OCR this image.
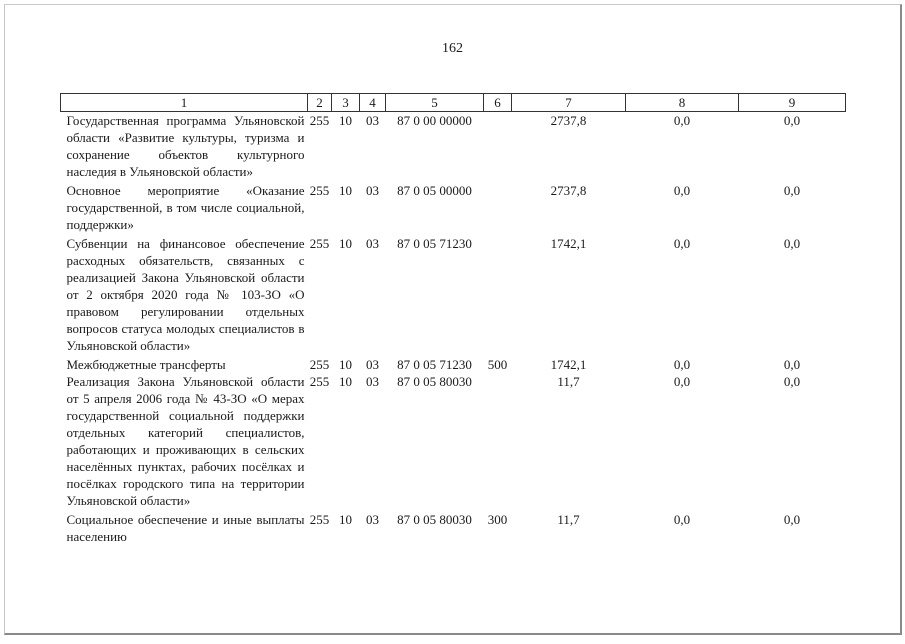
162
1	2	3	4	5	6	7	8	9
Государственная программа Ульяновской области «Развитие культуры, туризма и сохранение объектов культурного наследия в Ульяновской области»	255	10	03	87 0 00 00000		2737,8	0,0	0,0
Основное мероприятие «Оказание государственной, в том числе социальной, поддержки»	255	10	03	87 0 05 00000		2737,8	0,0	0,0
Субвенции на финансовое обеспечение расходных обязательств, связанных с реализацией Закона Ульяновской области от 2 октября 2020 года № 103-ЗО «О правовом регулировании отдельных вопросов статуса молодых специалистов в Ульяновской области»	255	10	03	87 0 05 71230		1742,1	0,0	0,0
Межбюджетные трансферты	255	10	03	87 0 05 71230	500	1742,1	0,0	0,0
Реализация Закона Ульяновской области от 5 апреля 2006 года № 43-ЗО «О мерах государственной социальной поддержки отдельных категорий специалистов, работающих и проживающих в сельских населённых пунктах, рабочих посёлках и посёлках городского типа на территории Ульяновской области»	255	10	03	87 0 05 80030		11,7	0,0	0,0
Социальное обеспечение и иные выплаты населению	255	10	03	87 0 05 80030	300	11,7	0,0	0,0
